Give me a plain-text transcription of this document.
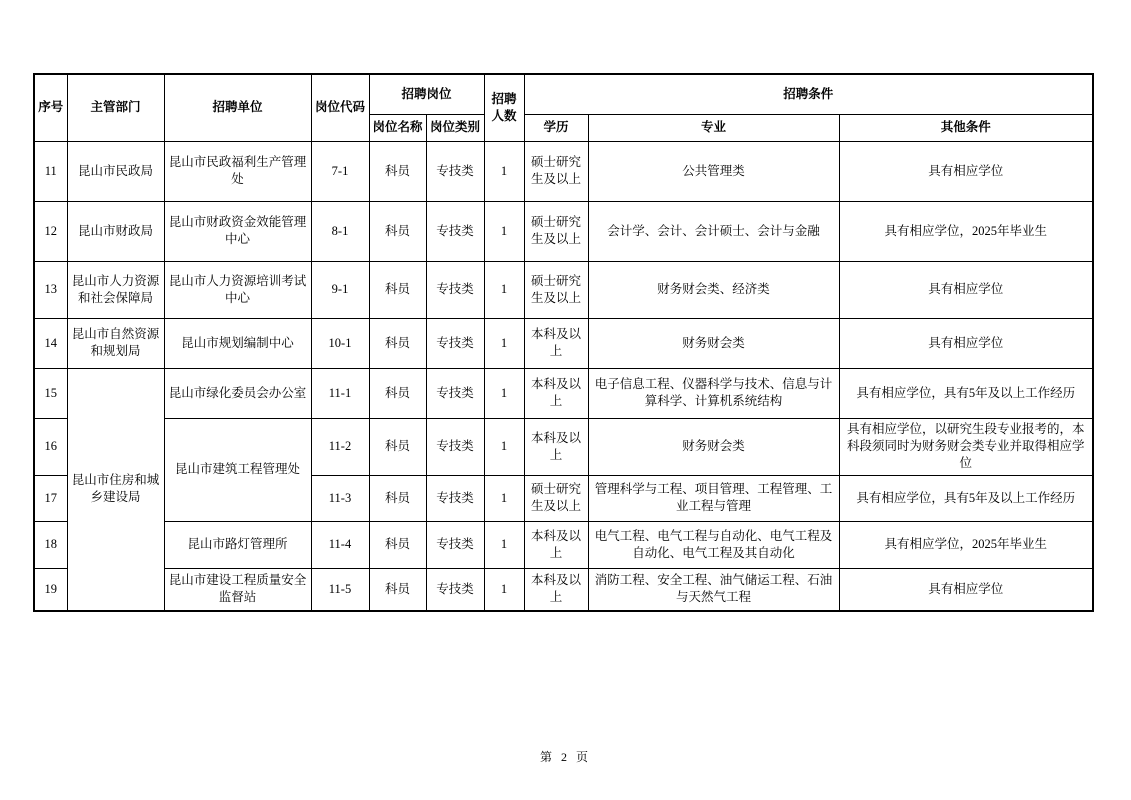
序号	主管部门	招聘单位	岗位代码	招聘岗位		招聘人数	招聘条件		
				岗位名称	岗位类别		学历	专业	其他条件
11	昆山市民政局	昆山市民政福利生产管理处	7-1	科员	专技类	1	硕士研究生及以上	公共管理类	具有相应学位
12	昆山市财政局	昆山市财政资金效能管理中心	8-1	科员	专技类	1	硕士研究生及以上	会计学、会计、会计硕士、会计与金融	具有相应学位，2025年毕业生
13	昆山市人力资源和社会保障局	昆山市人力资源培训考试中心	9-1	科员	专技类	1	硕士研究生及以上	财务财会类、经济类	具有相应学位
14	昆山市自然资源和规划局	昆山市规划编制中心	10-1	科员	专技类	1	本科及以上	财务财会类	具有相应学位
15	昆山市住房和城乡建设局	昆山市绿化委员会办公室	11-1	科员	专技类	1	本科及以上	电子信息工程、仪器科学与技术、信息与计算科学、计算机系统结构	具有相应学位，具有5年及以上工作经历
16		昆山市建筑工程管理处	11-2	科员	专技类	1	本科及以上	财务财会类	具有相应学位，以研究生段专业报考的，本科段须同时为财务财会类专业并取得相应学位
17			11-3	科员	专技类	1	硕士研究生及以上	管理科学与工程、项目管理、工程管理、工业工程与管理	具有相应学位，具有5年及以上工作经历
18		昆山市路灯管理所	11-4	科员	专技类	1	本科及以上	电气工程、电气工程与自动化、电气工程及自动化、电气工程及其自动化	具有相应学位，2025年毕业生
19		昆山市建设工程质量安全监督站	11-5	科员	专技类	1	本科及以上	消防工程、安全工程、油气储运工程、石油与天然气工程	具有相应学位
第 2 页
